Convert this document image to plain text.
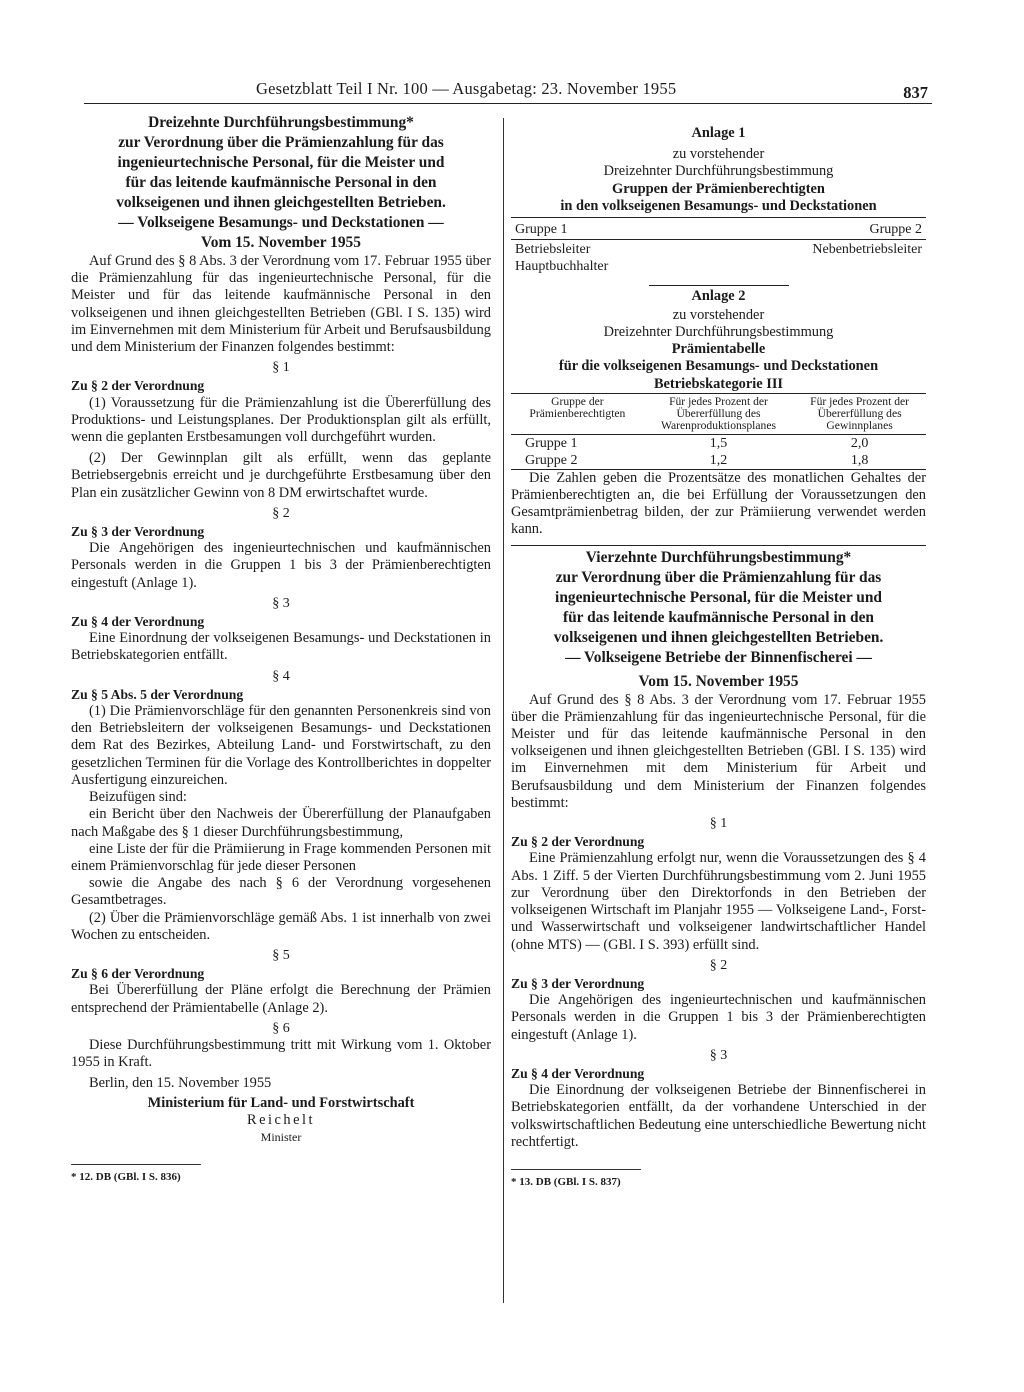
Gesetzblatt Teil I Nr. 100 — Ausgabetag: 23. November 1955	837
Dreizehnte Durchführungsbestimmung*
zur Verordnung über die Prämienzahlung für das
ingenieurtechnische Personal, für die Meister und
für das leitende kaufmännische Personal in den
volkseigenen und ihnen gleichgestellten Betrieben.
— Volkseigene Besamungs- und Deckstationen —
Vom 15. November 1955

Auf Grund des § 8 Abs. 3 der Verordnung vom 17. Februar 1955 über die Prämienzahlung für das ingenieurtechnische Personal, für die Meister und für das leitende kaufmännische Personal in den volkseigenen und ihnen gleichgestellten Betrieben (GBl. I S. 135) wird im Einvernehmen mit dem Ministerium für Arbeit und Berufsausbildung und dem Ministerium der Finanzen folgendes bestimmt:

§ 1
Zu § 2 der Verordnung

(1) Voraussetzung für die Prämienzahlung ist die Übererfüllung des Produktions- und Leistungsplanes. Der Produktionsplan gilt als erfüllt, wenn die geplanten Erstbesamungen voll durchgeführt wurden.

(2) Der Gewinnplan gilt als erfüllt, wenn das geplante Betriebsergebnis erreicht und je durchgeführte Erstbesamung über den Plan ein zusätzlicher Gewinn von 8 DM erwirtschaftet wurde.

§ 2
Zu § 3 der Verordnung

Die Angehörigen des ingenieurtechnischen und kaufmännischen Personals werden in die Gruppen 1 bis 3 der Prämienberechtigten eingestuft (Anlage 1).

§ 3
Zu § 4 der Verordnung

Eine Einordnung der volkseigenen Besamungs- und Deckstationen in Betriebskategorien entfällt.

§ 4
Zu § 5 Abs. 5 der Verordnung

(1) Die Prämienvorschläge für den genannten Personenkreis sind von den Betriebsleitern der volkseigenen Besamungs- und Deckstationen dem Rat des Bezirkes, Abteilung Land- und Forstwirtschaft, zu den gesetzlichen Terminen für die Vorlage des Kontrollberichtes in doppelter Ausfertigung einzureichen.

Beizufügen sind:

ein Bericht über den Nachweis der Übererfüllung der Planaufgaben nach Maßgabe des § 1 dieser Durchführungsbestimmung,

eine Liste der für die Prämiierung in Frage kommenden Personen mit einem Prämienvorschlag für jede dieser Personen

sowie die Angabe des nach § 6 der Verordnung vorgesehenen Gesamtbetrages.

(2) Über die Prämienvorschläge gemäß Abs. 1 ist innerhalb von zwei Wochen zu entscheiden.

§ 5
Zu § 6 der Verordnung

Bei Übererfüllung der Pläne erfolgt die Berechnung der Prämien entsprechend der Prämientabelle (Anlage 2).

§ 6

Diese Durchführungsbestimmung tritt mit Wirkung vom 1. Oktober 1955 in Kraft.

Berlin, den 15. November 1955

Ministerium für Land- und Forstwirtschaft
Reichelt
Minister
* 12. DB (GBl. I S. 836)
Anlage 1
zu vorstehender
Dreizehnter Durchführungsbestimmung
Gruppen der Prämienberechtigten
in den volkseigenen Besamungs- und Deckstationen
Gruppe 1	Gruppe 2

Betriebsleiter
Hauptbuchhalter	Nebenbetriebsleiter
Anlage 2
zu vorstehender
Dreizehnter Durchführungsbestimmung
Prämientabelle
für die volkseigenen Besamungs- und Deckstationen
Betriebskategorie III
Gruppe der Prämienberechtigten	Für jedes Prozent der Übererfüllung des Warenproduktionsplanes	Für jedes Prozent der Übererfüllung des Gewinnplanes
Gruppe 1	1,5	2,0
Gruppe 2	1,2	1,8

Die Zahlen geben die Prozentsätze des monatlichen Gehaltes der Prämienberechtigten an, die bei Erfüllung der Voraussetzungen den Gesamtprämienbetrag bilden, der zur Prämiierung verwendet werden kann.

Vierzehnte Durchführungsbestimmung*
zur Verordnung über die Prämienzahlung für das
ingenieurtechnische Personal, für die Meister und
für das leitende kaufmännische Personal in den
volkseigenen und ihnen gleichgestellten Betrieben.
— Volkseigene Betriebe der Binnenfischerei —
Vom 15. November 1955

Auf Grund des § 8 Abs. 3 der Verordnung vom 17. Februar 1955 über die Prämienzahlung für das ingenieurtechnische Personal, für die Meister und für das leitende kaufmännische Personal in den volkseigenen und ihnen gleichgestellten Betrieben (GBl. I S. 135) wird im Einvernehmen mit dem Ministerium für Arbeit und Berufsausbildung und dem Ministerium der Finanzen folgendes bestimmt:

§ 1
Zu § 2 der Verordnung

Eine Prämienzahlung erfolgt nur, wenn die Voraussetzungen des § 4 Abs. 1 Ziff. 5 der Vierten Durchführungsbestimmung vom 2. Juni 1955 zur Verordnung über den Direktorfonds in den Betrieben der volkseigenen Wirtschaft im Planjahr 1955 — Volkseigene Land-, Forst- und Wasserwirtschaft und volkseigener landwirtschaftlicher Handel (ohne MTS) — (GBl. I S. 393) erfüllt sind.

§ 2
Zu § 3 der Verordnung

Die Angehörigen des ingenieurtechnischen und kaufmännischen Personals werden in die Gruppen 1 bis 3 der Prämienberechtigten eingestuft (Anlage 1).

§ 3
Zu § 4 der Verordnung

Die Einordnung der volkseigenen Betriebe der Binnenfischerei in Betriebskategorien entfällt, da der vorhandene Unterschied in der volkswirtschaftlichen Bedeutung eine unterschiedliche Bewertung nicht rechtfertigt.

* 13. DB (GBl. I S. 837)
